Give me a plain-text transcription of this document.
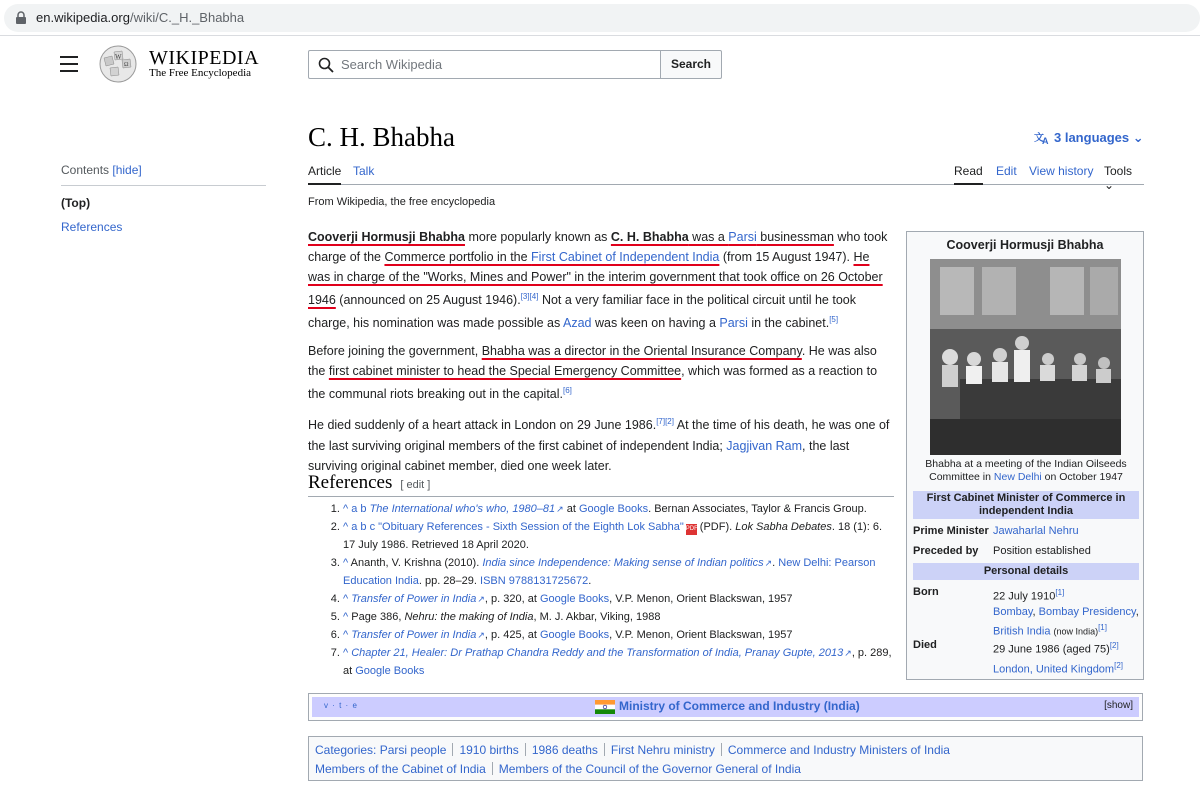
en.wikipedia.org/wiki/C._H._Bhabha
W
Ω WIKIPEDIA
The Free Encyclopedia
Search Wikipedia
Search
Contents [hide]
(Top)
References
C. H. Bhabha	文
A 3 languages ⌄
Article Talk	Read Edit View history Tools ⌄
From Wikipedia, the free encyclopedia

Cooverji Hormusji Bhabha more popularly known as C. H. Bhabha was a Parsi businessman who took charge of the Commerce portfolio in the First Cabinet of Independent India (from 15 August 1947). He was in charge of the "Works, Mines and Power" in the interim government that took office on 26 October 1946 (announced on 25 August 1946).[3][4] Not a very familiar face in the political circuit until he took charge, his nomination was made possible as Azad was keen on having a Parsi in the cabinet.[5]

Before joining the government, Bhabha was a director in the Oriental Insurance Company. He was also the first cabinet minister to head the Special Emergency Committee, which was formed as a reaction to the communal riots breaking out in the capital.[6]

He died suddenly of a heart attack in London on 29 June 1986.[7][2] At the time of his death, he was one of the last surviving original members of the first cabinet of independent India; Jagjivan Ram, the last surviving original cabinet member, died one week later.

References [ edit ]
1. ^ a b The International who's who, 1980–81 ↗ at Google Books. Bernan Associates, Taylor & Francis Group.
2. ^ a b c "Obituary References - Sixth Session of the Eighth Lok Sabha" PDF (PDF). Lok Sabha Debates. 18 (1): 6. 17 July 1986. Retrieved 18 April 2020.
3. ^ Ananth, V. Krishna (2010). India since Independence: Making sense of Indian politics ↗ . New Delhi: Pearson Education India. pp. 28–29. ISBN 9788131725672.
4. ^ Transfer of Power in India ↗ , p. 320, at Google Books, V.P. Menon, Orient Blackswan, 1957
5. ^ Page 386, Nehru: the making of India, M. J. Akbar, Viking, 1988
6. ^ Transfer of Power in India ↗ , p. 425, at Google Books, V.P. Menon, Orient Blackswan, 1957
7. ^ Chapter 21, Healer: Dr Prathap Chandra Reddy and the Transformation of India, Pranay Gupte, 2013 ↗ , p. 289, at Google Books
Cooverji Hormusji Bhabha
Bhabha at a meeting of the Indian Oilseeds Committee in New Delhi on October 1947
First Cabinet Minister of Commerce in independent India
Prime Minister Jawaharlal Nehru
Preceded by Position established
Personal details
Born	22 July 1910[1]
Bombay, Bombay Presidency,
British India (now India)[1]
Died	29 June 1986 (aged 75)[2]
London, United Kingdom[2]
v · t · e	Ministry of Commerce and Industry (India)	[show]
Categories: Parsi people 1910 births 1986 deaths First Nehru ministry Commerce and Industry Ministers of India
Members of the Cabinet of India Members of the Council of the Governor General of India
